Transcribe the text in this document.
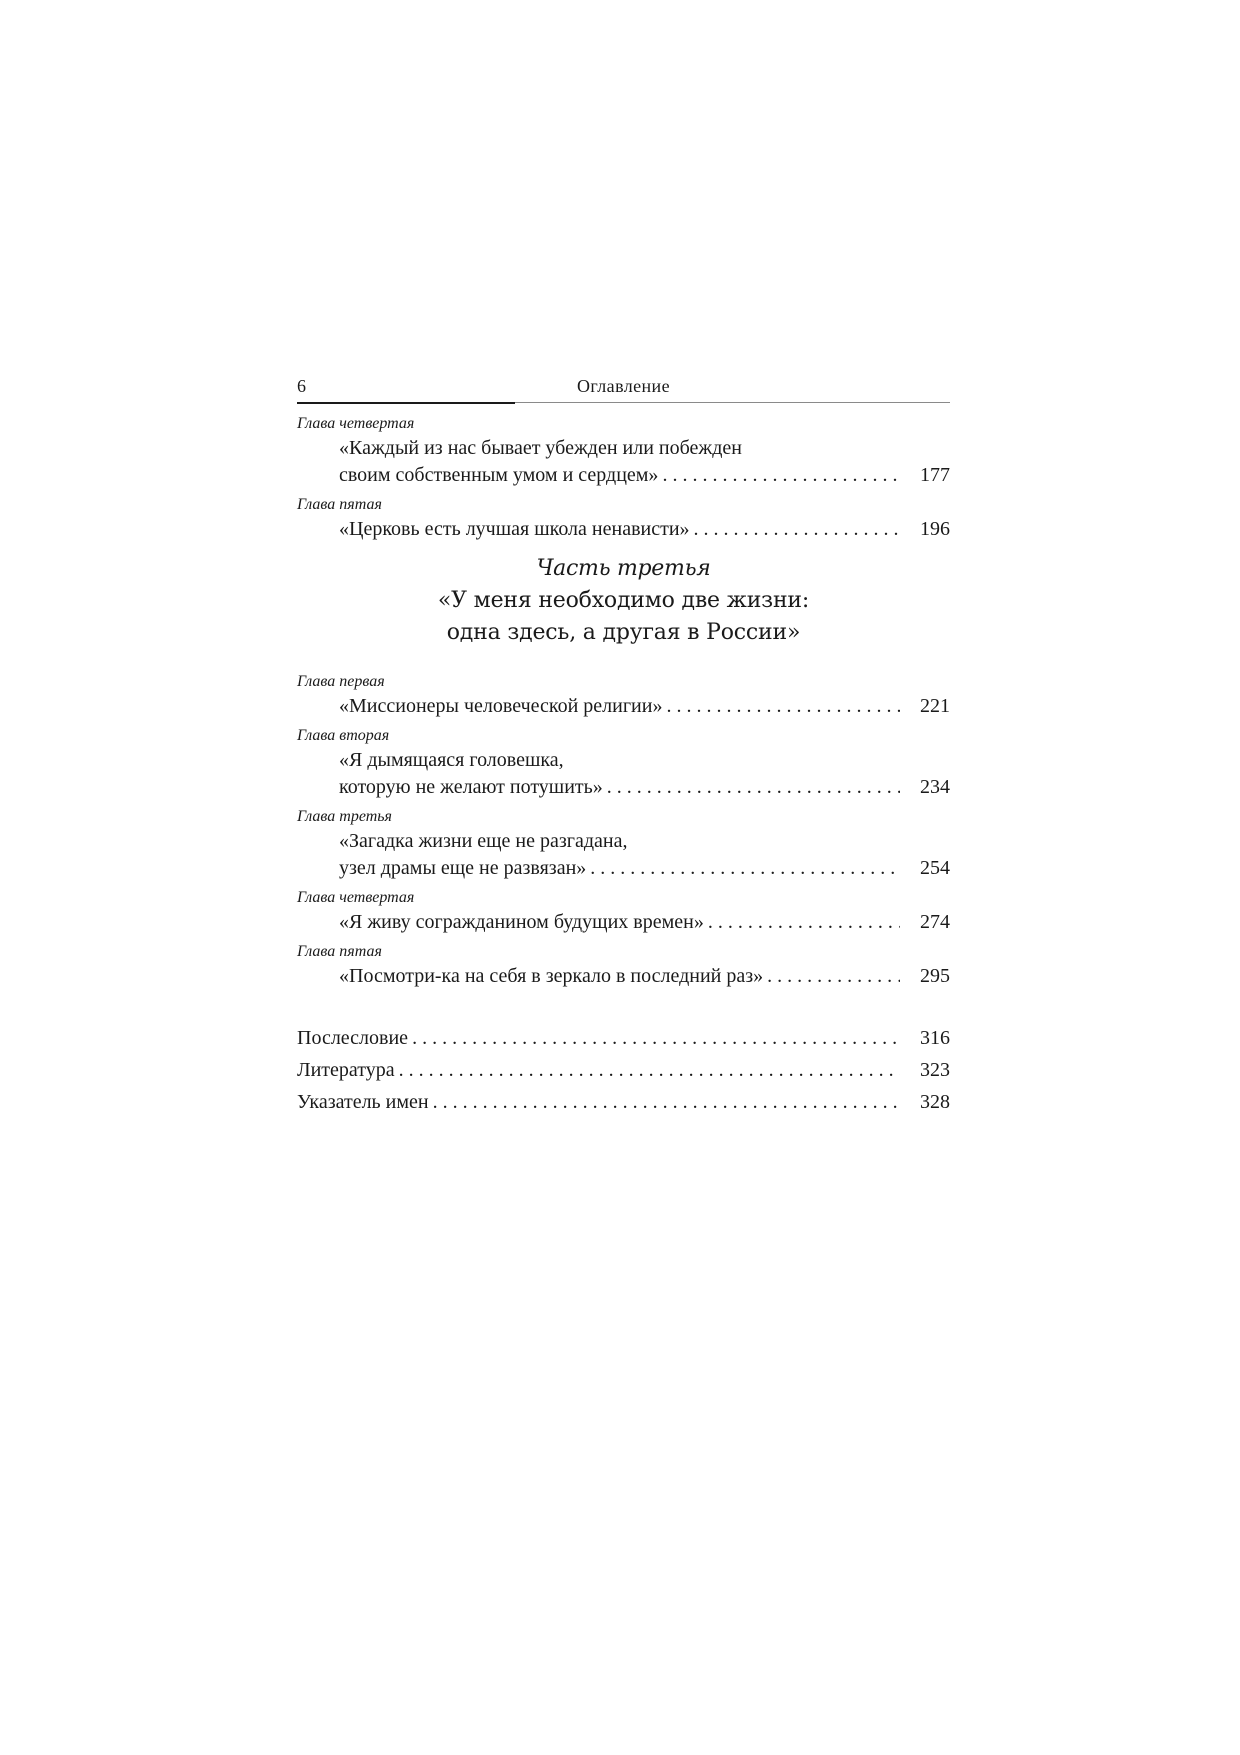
6	Оглавление
Глава четвертая
«Каждый из нас бывает убежден или побежден
своим собственным умом и сердцем» . . .	177
Глава пятая
«Церковь есть лучшая школа ненависти» . . .	196
Часть третья
«У меня необходимо две жизни:
одна здесь, а другая в России»
Глава первая
«Миссионеры человеческой религии» . . .	221
Глава вторая
«Я дымящаяся головешка,
которую не желают потушить» . . .	234
Глава третья
«Загадка жизни еще не разгадана,
узел драмы еще не развязан» . . .	254
Глава четвертая
«Я живу согражданином будущих времен» . . .	274
Глава пятая
«Посмотри-ка на себя в зеркало в последний раз» . . .	295
Послесловие . . .	316
Литература . . .	323
Указатель имен . . .	328
